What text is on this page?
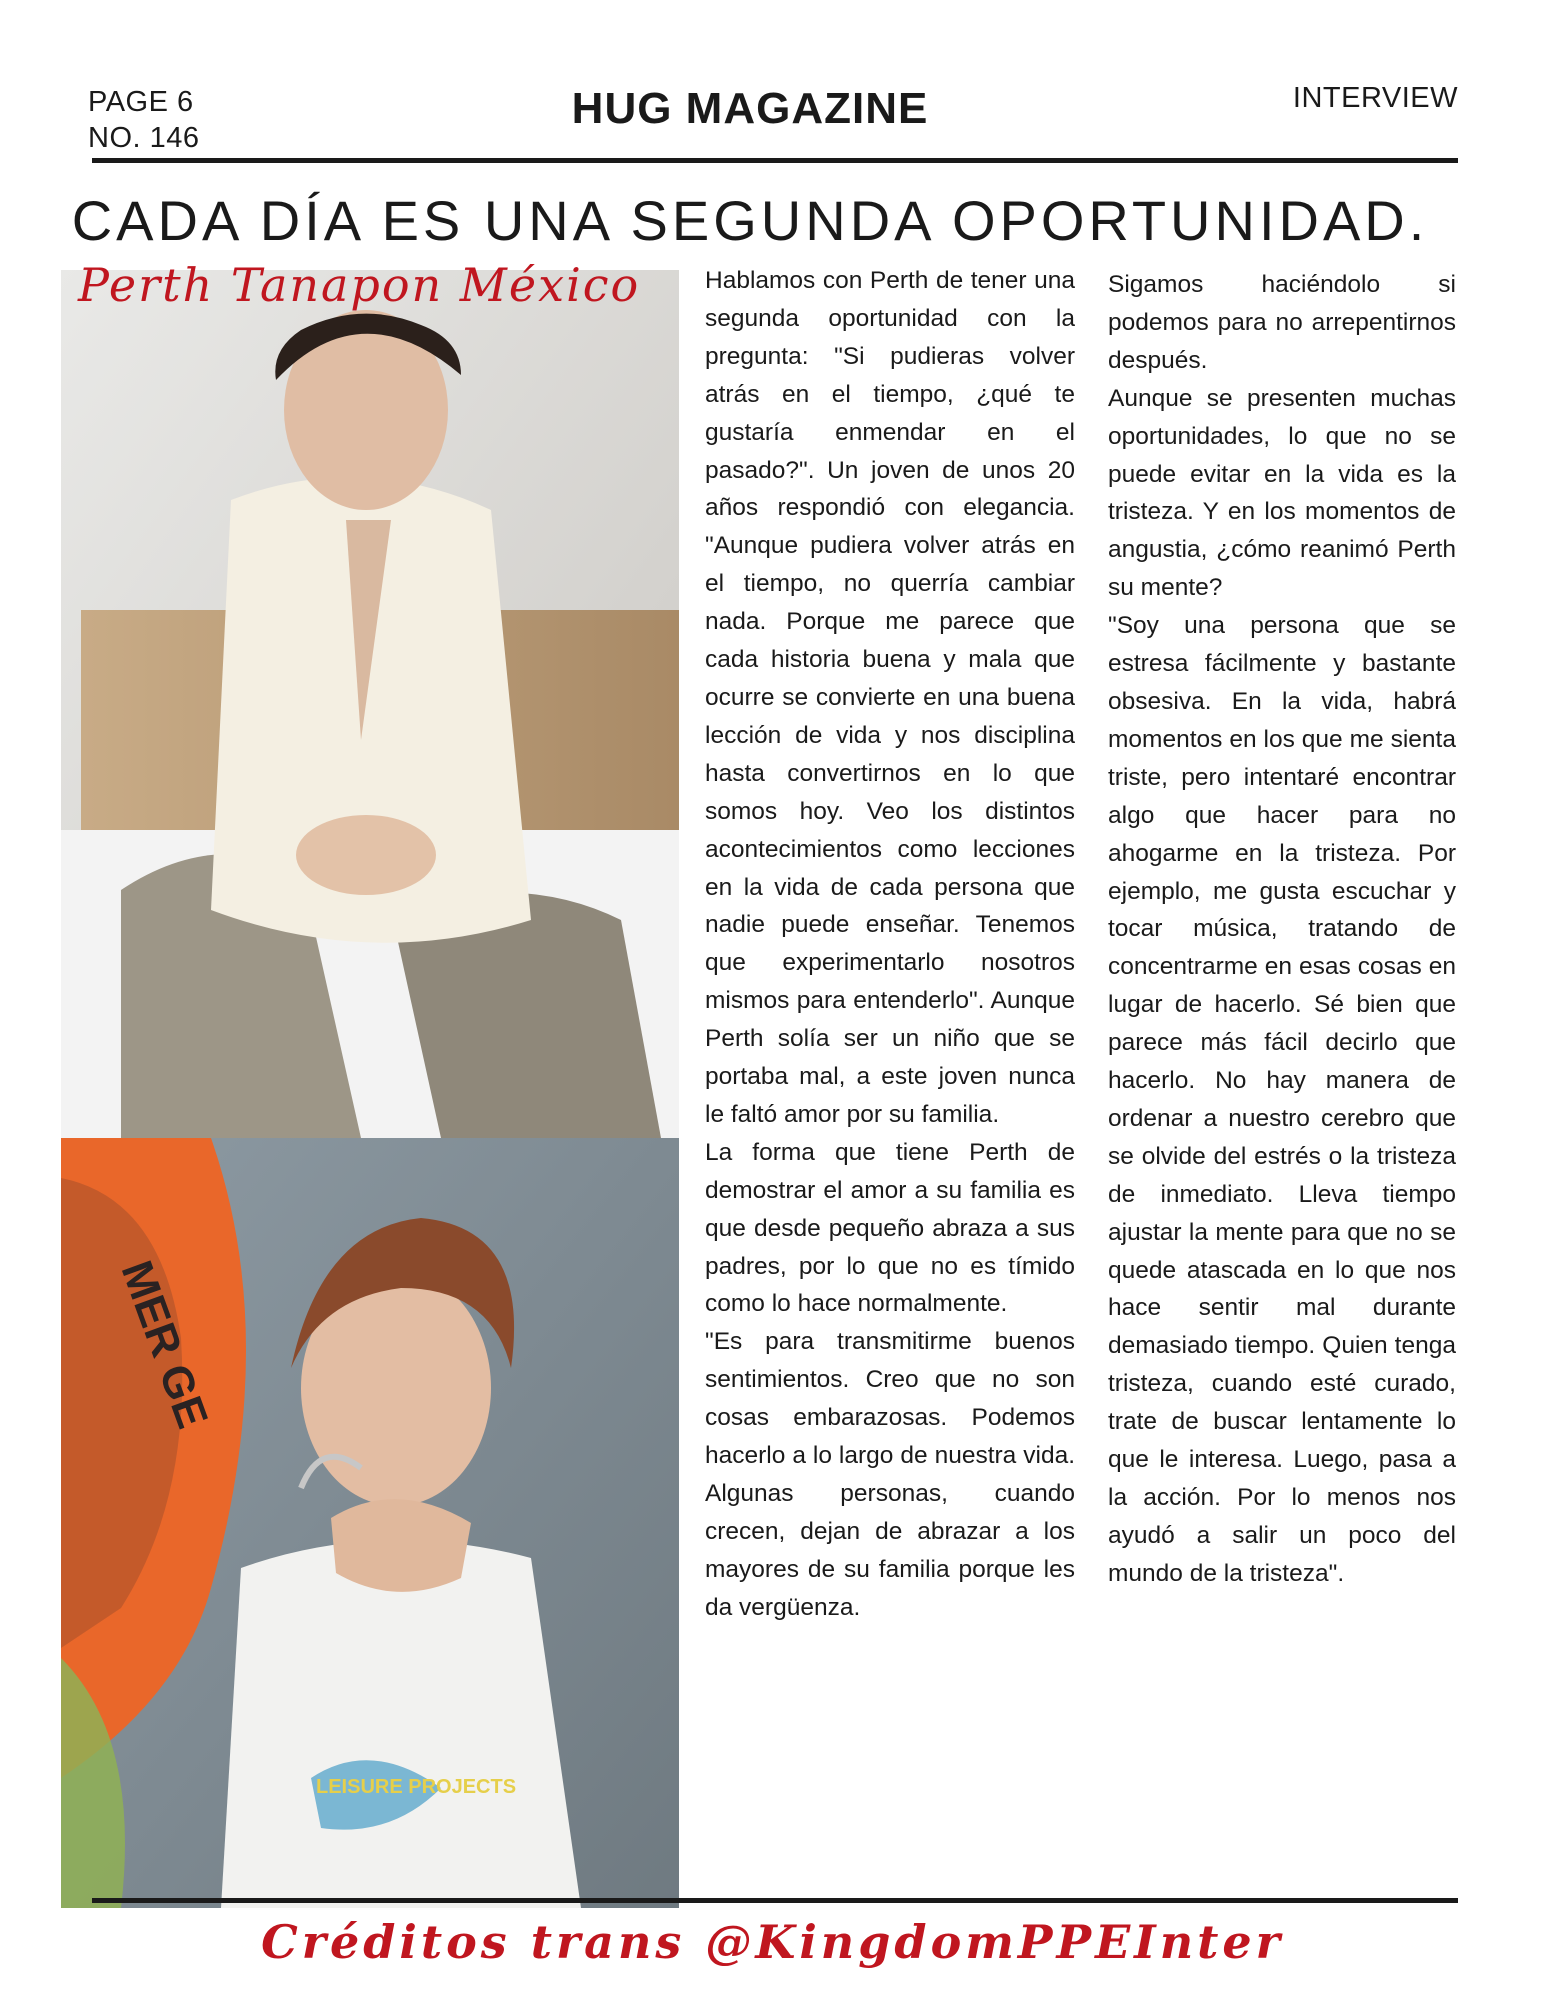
PAGE 6
NO. 146
HUG MAGAZINE	INTERVIEW
CADA DÍA ES UNA SEGUNDA OPORTUNIDAD.
Perth Tanapon México
MER GE
LEISURE PROJECTS

Hablamos con Perth de tener una segunda oportunidad con la pregunta: "Si pudieras volver atrás en el tiempo, ¿qué te gustaría enmendar en el pasado?". Un joven de unos 20 años respondió con elegancia. "Aunque pudiera volver atrás en el tiempo, no querría cambiar nada. Porque me parece que cada historia buena y mala que ocurre se convierte en una buena lección de vida y nos disciplina hasta convertirnos en lo que somos hoy. Veo los distintos acontecimientos como lecciones en la vida de cada persona que nadie puede enseñar. Tenemos que experimentarlo nosotros mismos para entenderlo". Aunque Perth solía ser un niño que se portaba mal, a este joven nunca le faltó amor por su familia.

La forma que tiene Perth de demostrar el amor a su familia es que desde pequeño abraza a sus padres, por lo que no es tímido como lo hace normalmente.

"Es para transmitirme buenos sentimientos. Creo que no son cosas embarazosas. Podemos hacerlo a lo largo de nuestra vida. Algunas personas, cuando crecen, dejan de abrazar a los mayores de su familia porque les da vergüenza.

Sigamos haciéndolo si podemos para no arrepentirnos después.

Aunque se presenten muchas oportunidades, lo que no se puede evitar en la vida es la tristeza. Y en los momentos de angustia, ¿cómo reanimó Perth su mente?

"Soy una persona que se estresa fácilmente y bastante obsesiva. En la vida, habrá momentos en los que me sienta triste, pero intentaré encontrar algo que hacer para no ahogarme en la tristeza. Por ejemplo, me gusta escuchar y tocar música, tratando de concentrarme en esas cosas en lugar de hacerlo. Sé bien que parece más fácil decirlo que hacerlo. No hay manera de ordenar a nuestro cerebro que se olvide del estrés o la tristeza de inmediato. Lleva tiempo ajustar la mente para que no se quede atascada en lo que nos hace sentir mal durante demasiado tiempo. Quien tenga tristeza, cuando esté curado, trate de buscar lentamente lo que le interesa. Luego, pasa a la acción. Por lo menos nos ayudó a salir un poco del mundo de la tristeza".

Créditos trans @KingdomPPEInter
